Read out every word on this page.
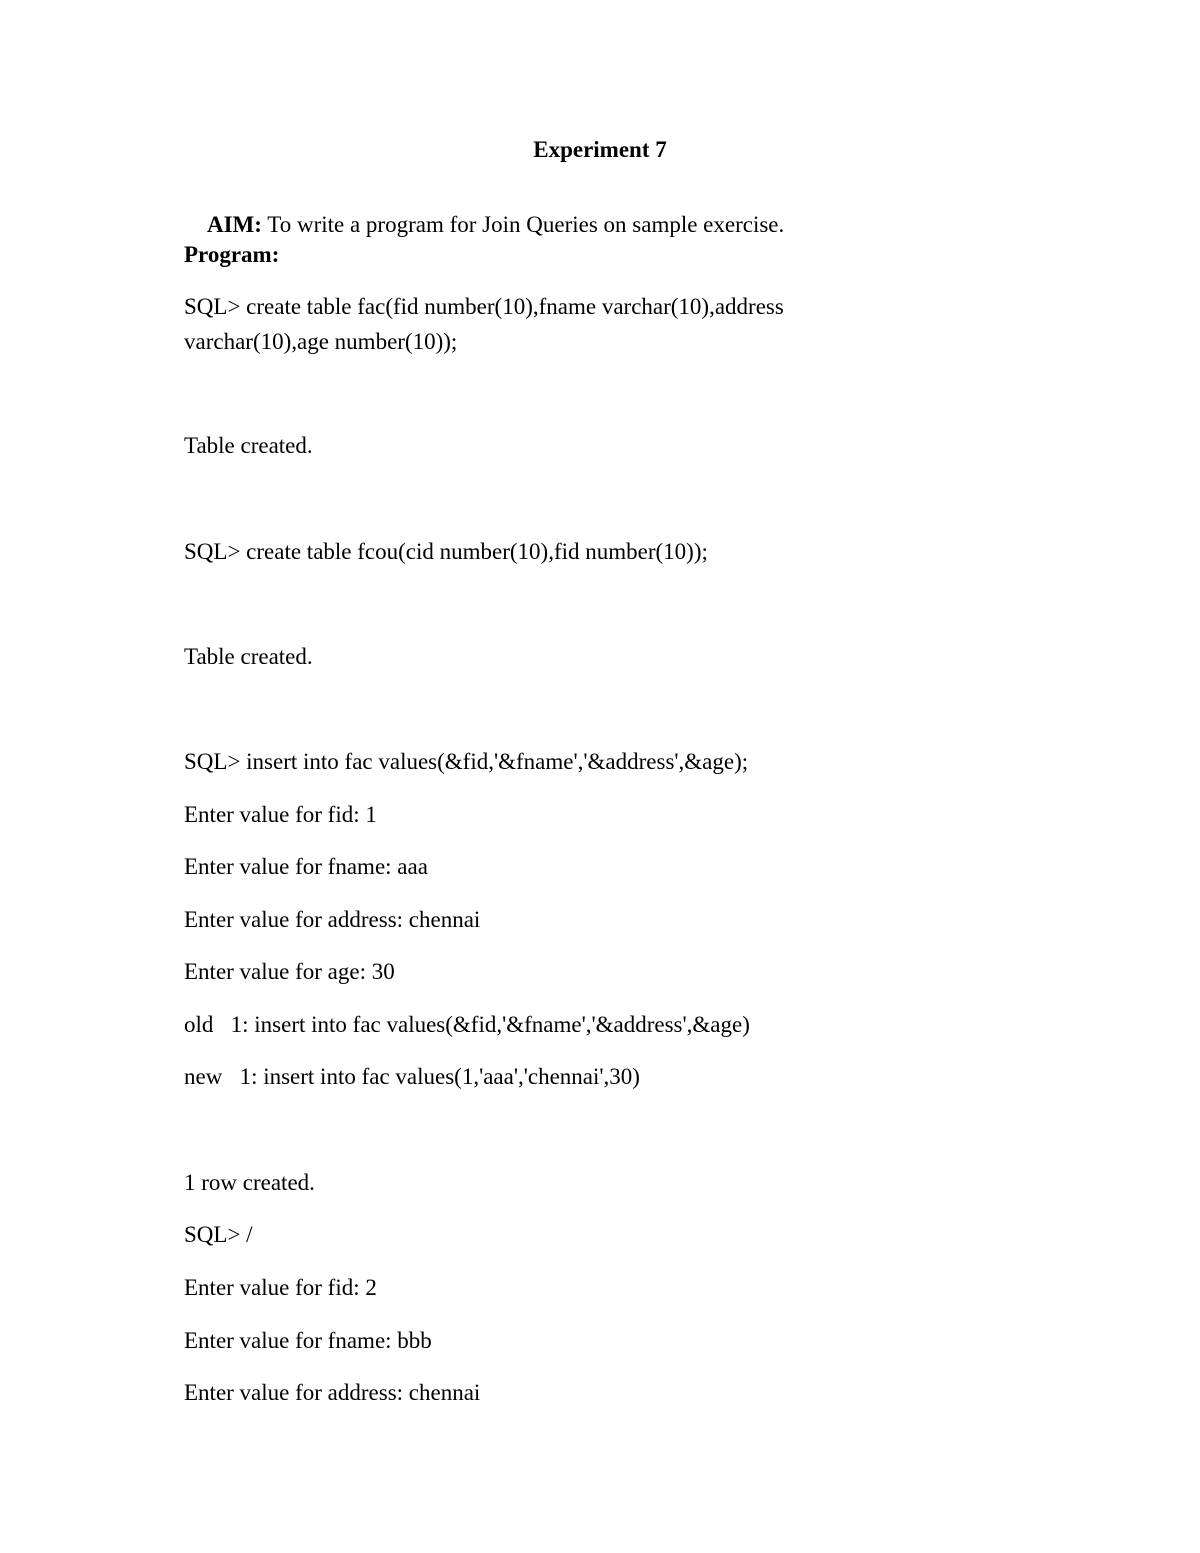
Experiment 7

AIM: To write a program for Join Queries on sample exercise.

Program:
SQL> create table fac(fid number(10),fname varchar(10),address
varchar(10),age number(10));
Table created.
SQL> create table fcou(cid number(10),fid number(10));
Table created.
SQL> insert into fac values(&fid,'&fname','&address',&age);
Enter value for fid: 1
Enter value for fname: aaa
Enter value for address: chennai
Enter value for age: 30
old   1: insert into fac values(&fid,'&fname','&address',&age)
new   1: insert into fac values(1,'aaa','chennai',30)
1 row created.
SQL> /
Enter value for fid: 2
Enter value for fname: bbb
Enter value for address: chennai
